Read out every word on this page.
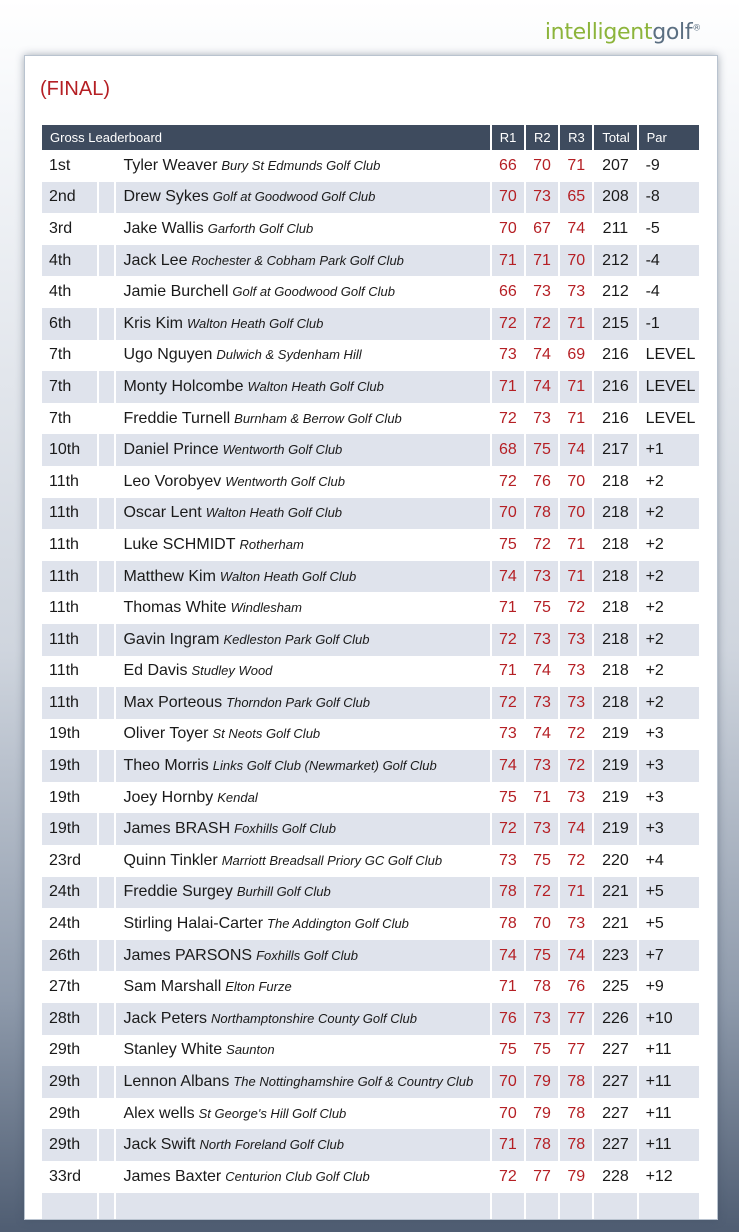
intelligentgolf®
(FINAL)
Gross Leaderboard			R1	R2	R3	Total	Par
1st		Tyler Weaver Bury St Edmunds Golf Club	66	70	71	207	-9
2nd		Drew Sykes Golf at Goodwood Golf Club	70	73	65	208	-8
3rd		Jake Wallis Garforth Golf Club	70	67	74	211	-5
4th		Jack Lee Rochester & Cobham Park Golf Club	71	71	70	212	-4
4th		Jamie Burchell Golf at Goodwood Golf Club	66	73	73	212	-4
6th		Kris Kim Walton Heath Golf Club	72	72	71	215	-1
7th		Ugo Nguyen Dulwich & Sydenham Hill	73	74	69	216	LEVEL
7th		Monty Holcombe Walton Heath Golf Club	71	74	71	216	LEVEL
7th		Freddie Turnell Burnham & Berrow Golf Club	72	73	71	216	LEVEL
10th		Daniel Prince Wentworth Golf Club	68	75	74	217	+1
11th		Leo Vorobyev Wentworth Golf Club	72	76	70	218	+2
11th		Oscar Lent Walton Heath Golf Club	70	78	70	218	+2
11th		Luke SCHMIDT Rotherham	75	72	71	218	+2
11th		Matthew Kim Walton Heath Golf Club	74	73	71	218	+2
11th		Thomas White Windlesham	71	75	72	218	+2
11th		Gavin Ingram Kedleston Park Golf Club	72	73	73	218	+2
11th		Ed Davis Studley Wood	71	74	73	218	+2
11th		Max Porteous Thorndon Park Golf Club	72	73	73	218	+2
19th		Oliver Toyer St Neots Golf Club	73	74	72	219	+3
19th		Theo Morris Links Golf Club (Newmarket) Golf Club	74	73	72	219	+3
19th		Joey Hornby Kendal	75	71	73	219	+3
19th		James BRASH Foxhills Golf Club	72	73	74	219	+3
23rd		Quinn Tinkler Marriott Breadsall Priory GC Golf Club	73	75	72	220	+4
24th		Freddie Surgey Burhill Golf Club	78	72	71	221	+5
24th		Stirling Halai-Carter The Addington Golf Club	78	70	73	221	+5
26th		James PARSONS Foxhills Golf Club	74	75	74	223	+7
27th		Sam Marshall Elton Furze	71	78	76	225	+9
28th		Jack Peters Northamptonshire County Golf Club	76	73	77	226	+10
29th		Stanley White Saunton	75	75	77	227	+11
29th		Lennon Albans The Nottinghamshire Golf & Country Club	70	79	78	227	+11
29th		Alex wells St George's Hill Golf Club	70	79	78	227	+11
29th		Jack Swift North Foreland Golf Club	71	78	78	227	+11
33rd		James Baxter Centurion Club Golf Club	72	77	79	228	+12
